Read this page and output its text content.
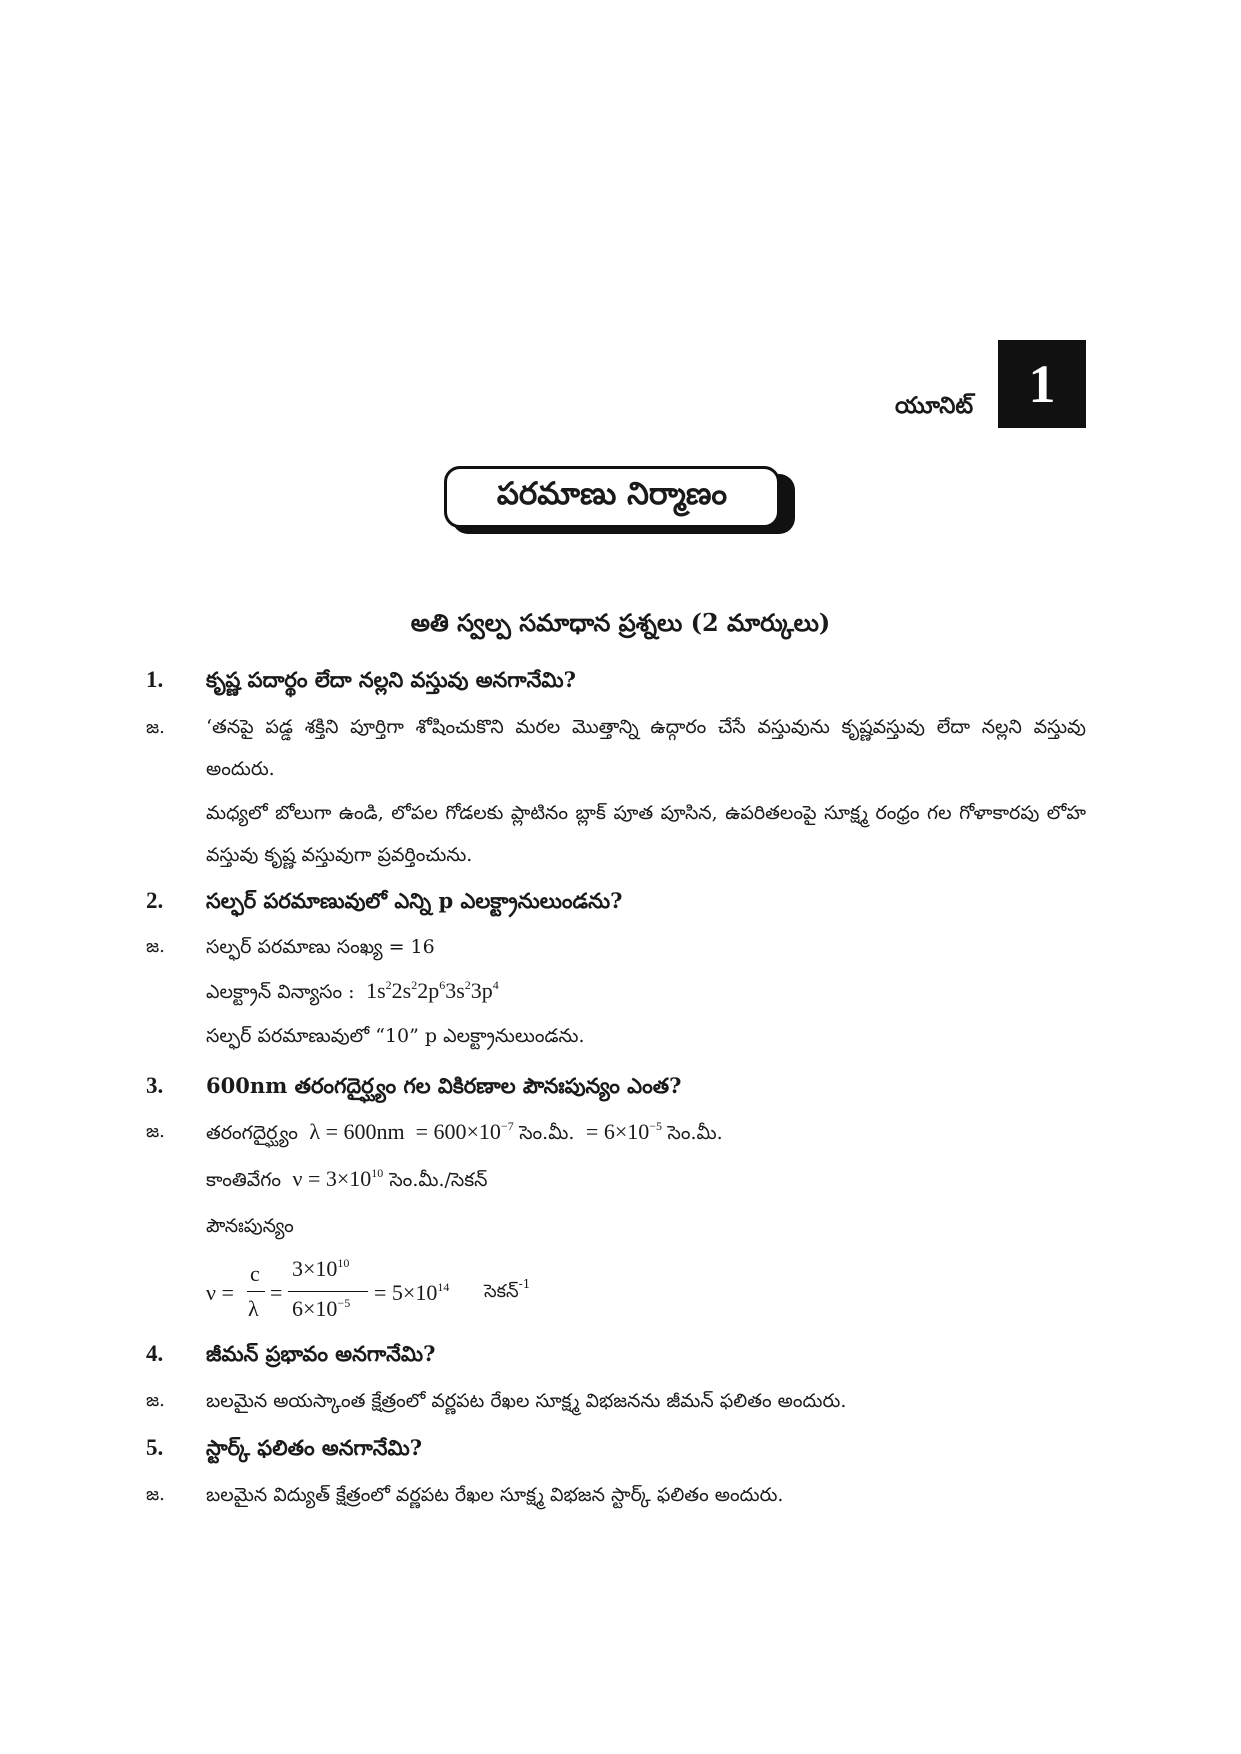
యూనిట్	1
పరమాణు నిర్మాణం
అతి స్వల్ప సమాధాన ప్రశ్నలు (2 మార్కులు)
1. కృష్ణ పదార్థం లేదా నల్లని వస్తువు అనగానేమి?
జ. ‘తనపై పడ్డ శక్తిని పూర్తిగా శోషించుకొని మరల మొత్తాన్ని ఉద్గారం చేసే వస్తువును కృష్ణవస్తువు లేదా నల్లని వస్తువు అందురు.
మధ్యలో బోలుగా ఉండి, లోపల గోడలకు ప్లాటినం బ్లాక్ పూత పూసిన, ఉపరితలంపై సూక్ష్మ రంధ్రం గల గోళాకారపు లోహ వస్తువు కృష్ణ వస్తువుగా ప్రవర్తించును.
2. సల్ఫర్ పరమాణువులో ఎన్ని p ఎలక్ట్రానులుండను?
జ. సల్ఫర్ పరమాణు సంఖ్య = 16
ఎలక్ట్రాన్ విన్యాసం :  $1s^22s^22p^63s^23p^4$
సల్ఫర్ పరమాణువులో “10” p ఎలక్ట్రానులుండను.
3. 600nm తరంగదైర్ఘ్యం గల వికిరణాల పౌనఃపున్యం ఎంత?
జ. తరంగదైర్ఘ్యం  $\lambda = 600nm = 600\times 10^{-7}$ సెం.మీ.  = $6\times 10^{-5}$ సెం.మీ.
కాంతివేగం  $\nu = 3\times 10^{10}$ సెం.మీ./సెకన్
పౌనఃపున్యం
ν =
c
λ
=
$3\times 10^{10}$
$6\times 10^{-5} = 5\times 10^{14}$ సెకన్$^{-1}$
4. జీమన్ ప్రభావం అనగానేమి?
జ. బలమైన అయస్కాంత క్షేత్రంలో వర్ణపట రేఖల సూక్ష్మ విభజనను జీమన్ ఫలితం అందురు.
5. స్టార్క్ ఫలితం అనగానేమి?
జ. బలమైన విద్యుత్ క్షేత్రంలో వర్ణపట రేఖల సూక్ష్మ విభజన స్టార్క్ ఫలితం అందురు.
